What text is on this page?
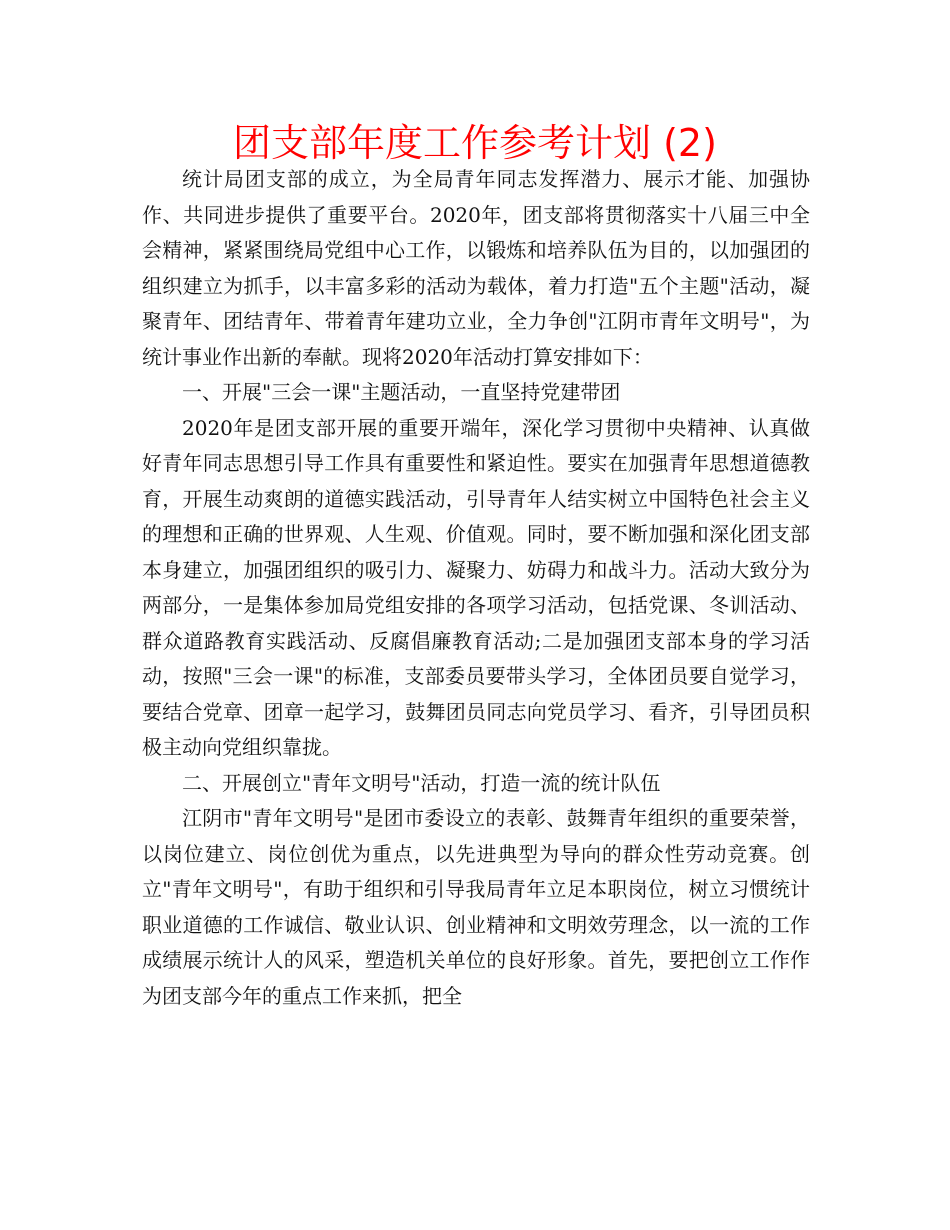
团支部年度工作参考计划 (2)

统计局团支部的成立，为全局青年同志发挥潜力、展示才能、加强协作、共同进步提供了重要平台。2020年，团支部将贯彻落实十八届三中全会精神，紧紧围绕局党组中心工作，以锻炼和培养队伍为目的，以加强团的组织建立为抓手，以丰富多彩的活动为载体，着力打造"五个主题"活动，凝聚青年、团结青年、带着青年建功立业，全力争创"江阴市青年文明号"，为统计事业作出新的奉献。现将2020年活动打算安排如下：

一、开展"三会一课"主题活动，一直坚持党建带团

2020年是团支部开展的重要开端年，深化学习贯彻中央精神、认真做好青年同志思想引导工作具有重要性和紧迫性。要实在加强青年思想道德教育，开展生动爽朗的道德实践活动，引导青年人结实树立中国特色社会主义的理想和正确的世界观、人生观、价值观。同时，要不断加强和深化团支部本身建立，加强团组织的吸引力、凝聚力、妨碍力和战斗力。活动大致分为两部分，一是集体参加局党组安排的各项学习活动，包括党课、冬训活动、群众道路教育实践活动、反腐倡廉教育活动;二是加强团支部本身的学习活动，按照"三会一课"的标准，支部委员要带头学习，全体团员要自觉学习，要结合党章、团章一起学习，鼓舞团员同志向党员学习、看齐，引导团员积极主动向党组织靠拢。

二、开展创立"青年文明号"活动，打造一流的统计队伍

江阴市"青年文明号"是团市委设立的表彰、鼓舞青年组织的重要荣誉，以岗位建立、岗位创优为重点，以先进典型为导向的群众性劳动竞赛。创立"青年文明号"，有助于组织和引导我局青年立足本职岗位，树立习惯统计职业道德的工作诚信、敬业认识、创业精神和文明效劳理念，以一流的工作成绩展示统计人的风采，塑造机关单位的良好形象。首先，要把创立工作作为团支部今年的重点工作来抓，把全
